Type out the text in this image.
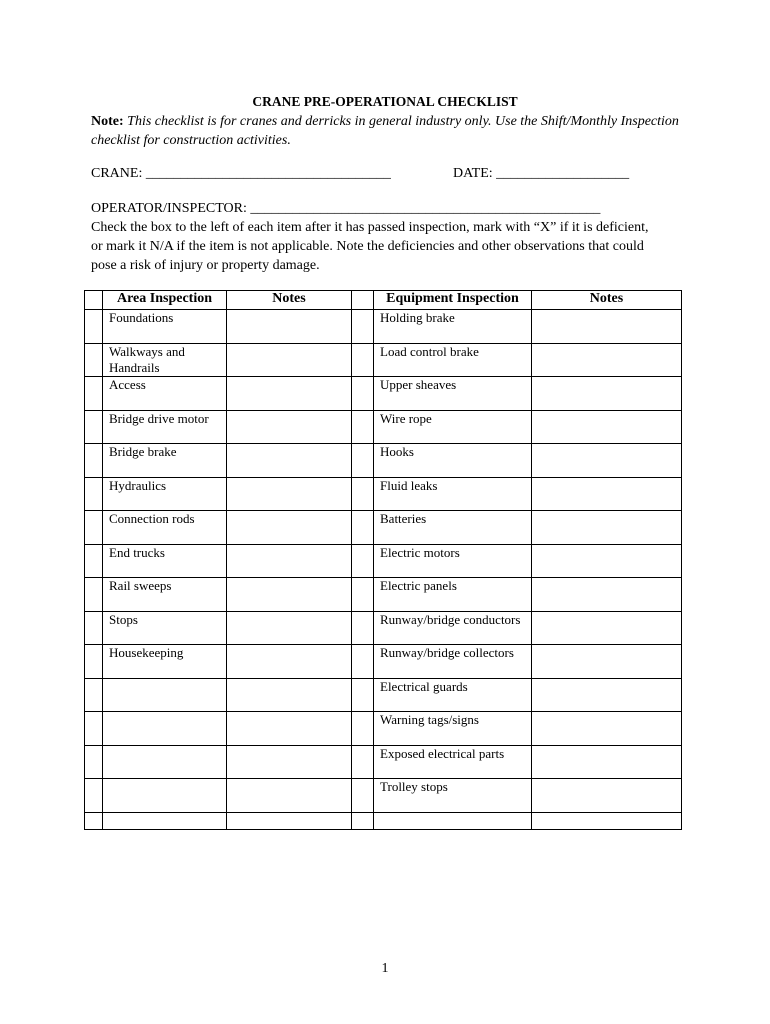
CRANE PRE-OPERATIONAL CHECKLIST
Note: This checklist is for cranes and derricks in general industry only. Use the Shift/Monthly Inspection checklist for construction activities.
CRANE: ___________________________________	DATE: ___________________
OPERATOR/INSPECTOR: __________________________________________________
Check the box to the left of each item after it has passed inspection, mark with “X” if it is deficient, or mark it N/A if the item is not applicable. Note the deficiencies and other observations that could pose a risk of injury or property damage.
	Area Inspection	Notes		Equipment Inspection	Notes
	Foundations			Holding brake	
	Walkways and Handrails			Load control brake	
	Access			Upper sheaves	
	Bridge drive motor			Wire rope	
	Bridge brake			Hooks	
	Hydraulics			Fluid leaks	
	Connection rods			Batteries	
	End trucks			Electric motors	
	Rail sweeps			Electric panels	
	Stops			Runway/bridge conductors	
	Housekeeping			Runway/bridge collectors	
				Electrical guards	
				Warning tags/signs	
				Exposed electrical parts	
				Trolley stops	

1
